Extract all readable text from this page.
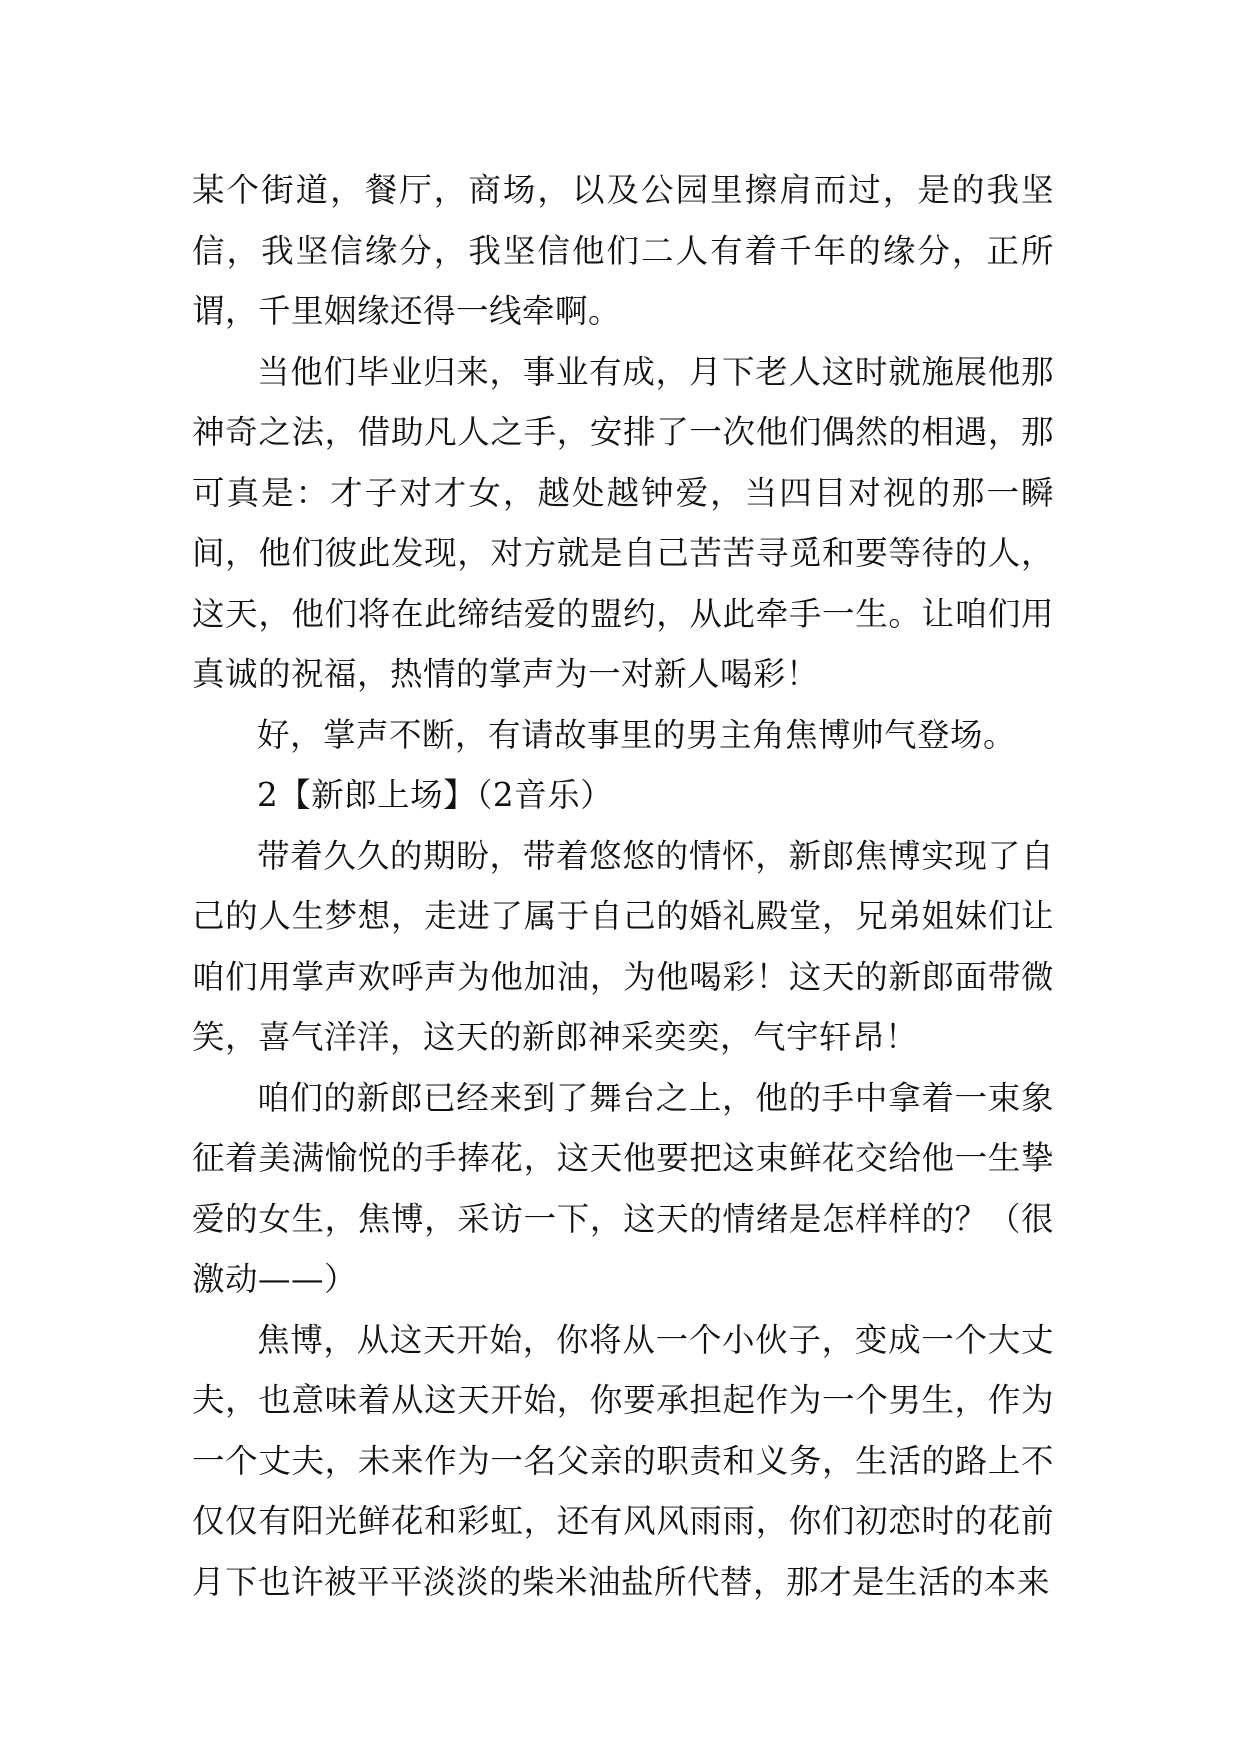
某个街道，餐厅，商场，以及公园里擦肩而过，是的我坚信，我坚信缘分，我坚信他们二人有着千年的缘分，正所谓，千里姻缘还得一线牵啊。

当他们毕业归来，事业有成，月下老人这时就施展他那神奇之法，借助凡人之手，安排了一次他们偶然的相遇，那可真是：才子对才女，越处越钟爱，当四目对视的那一瞬间，他们彼此发现，对方就是自己苦苦寻觅和要等待的人，这天，他们将在此缔结爱的盟约，从此牵手一生。让咱们用真诚的祝福，热情的掌声为一对新人喝彩！

好，掌声不断，有请故事里的男主角焦博帅气登场。

2【新郎上场】（2音乐）

带着久久的期盼，带着悠悠的情怀，新郎焦博实现了自己的人生梦想，走进了属于自己的婚礼殿堂，兄弟姐妹们让咱们用掌声欢呼声为他加油，为他喝彩！这天的新郎面带微笑，喜气洋洋，这天的新郎神采奕奕，气宇轩昂！

咱们的新郎已经来到了舞台之上，他的手中拿着一束象征着美满愉悦的手捧花，这天他要把这束鲜花交给他一生挚爱的女生，焦博，采访一下，这天的情绪是怎样样的？（很激动——）

焦博，从这天开始，你将从一个小伙子，变成一个大丈夫，也意味着从这天开始，你要承担起作为一个男生，作为一个丈夫，未来作为一名父亲的职责和义务，生活的路上不仅仅有阳光鲜花和彩虹，还有风风雨雨，你们初恋时的花前月下也许被平平淡淡的柴米油盐所代替，那才是生活的本来
